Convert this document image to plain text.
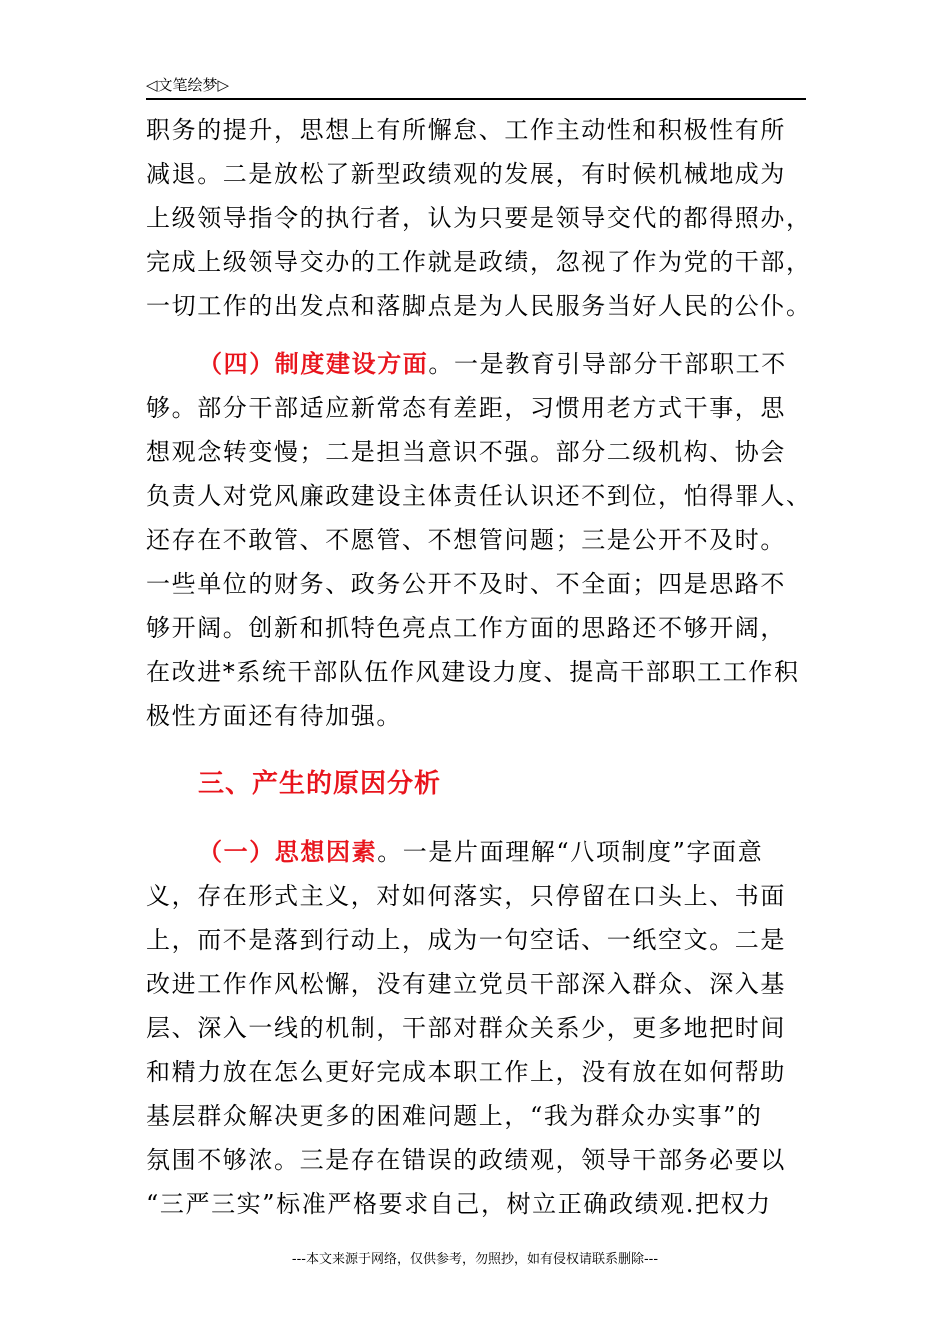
◁文笔绘梦▷
职务的提升，思想上有所懈怠、工作主动性和积极性有所
减退。二是放松了新型政绩观的发展，有时候机械地成为
上级领导指令的执行者，认为只要是领导交代的都得照办，
完成上级领导交办的工作就是政绩，忽视了作为党的干部，
一切工作的出发点和落脚点是为人民服务当好人民的公仆。
（四）制度建设方面。一是教育引导部分干部职工不
够。部分干部适应新常态有差距，习惯用老方式干事，思
想观念转变慢；二是担当意识不强。部分二级机构、协会
负责人对党风廉政建设主体责任认识还不到位，怕得罪人、
还存在不敢管、不愿管、不想管问题；三是公开不及时。
一些单位的财务、政务公开不及时、不全面；四是思路不
够开阔。创新和抓特色亮点工作方面的思路还不够开阔，
在改进*系统干部队伍作风建设力度、提高干部职工工作积
极性方面还有待加强。
三、产生的原因分析
（一）思想因素。一是片面理解“八项制度”字面意
义，存在形式主义，对如何落实，只停留在口头上、书面
上，而不是落到行动上，成为一句空话、一纸空文。二是
改进工作作风松懈，没有建立党员干部深入群众、深入基
层、深入一线的机制，干部对群众关系少，更多地把时间
和精力放在怎么更好完成本职工作上，没有放在如何帮助
基层群众解决更多的困难问题上，“我为群众办实事”的
氛围不够浓。三是存在错误的政绩观，领导干部务必要以
“三严三实”标准严格要求自己，树立正确政绩观.把权力
---本文来源于网络，仅供参考，勿照抄，如有侵权请联系删除---
